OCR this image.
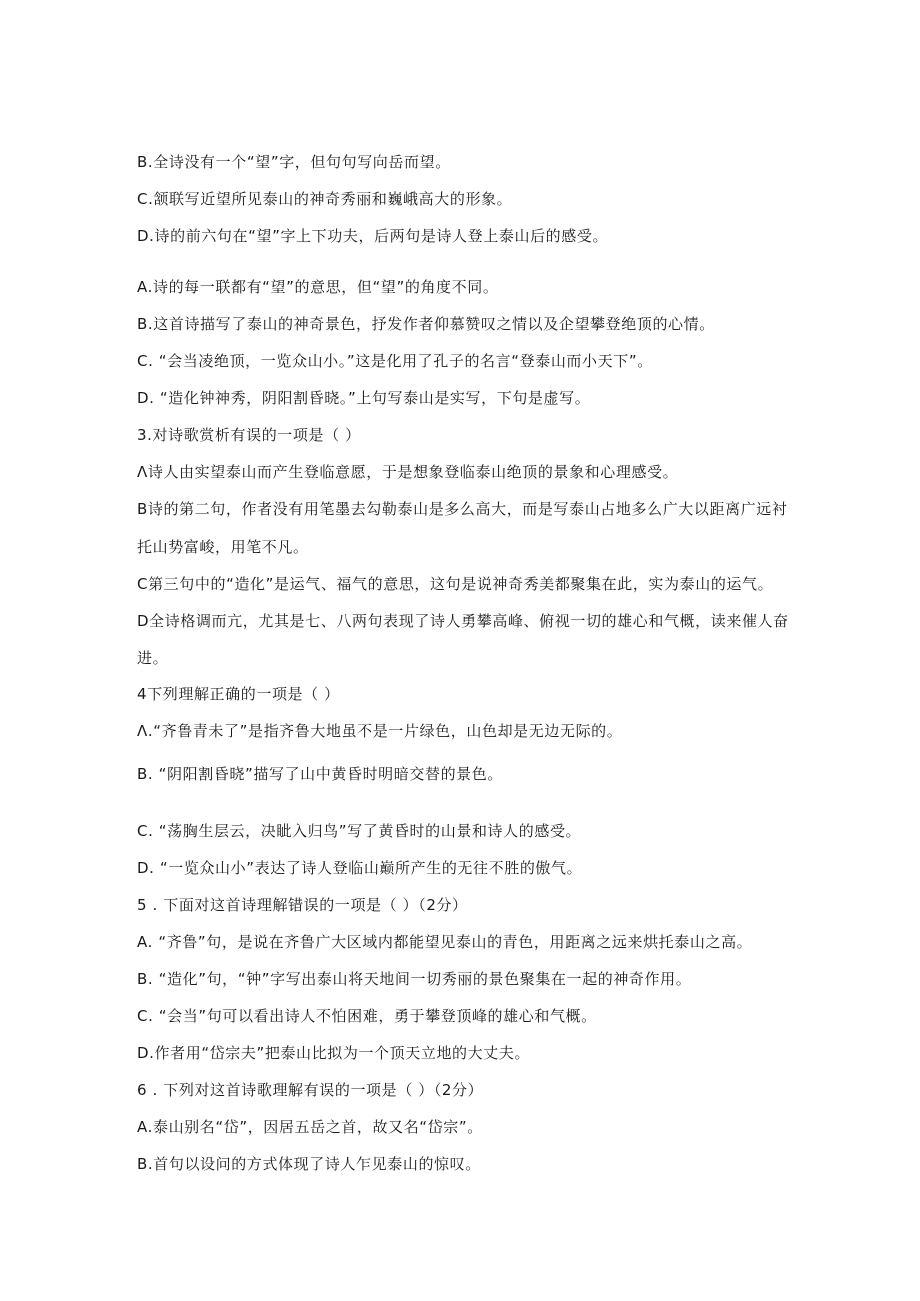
B.全诗没有一个“望”字，但句句写向岳而望。
C.颔联写近望所见泰山的神奇秀丽和巍峨高大的形象。
D.诗的前六句在“望”字上下功夫，后两句是诗人登上泰山后的感受。
A.诗的每一联都有“望”的意思，但“望”的角度不同。
B.这首诗描写了泰山的神奇景色，抒发作者仰慕赞叹之情以及企望攀登绝顶的心情。
C. “会当凌绝顶，一览众山小。”这是化用了孔子的名言“登泰山而小天下”。
D. “造化钟神秀，阴阳割昏晓。”上句写泰山是实写，下句是虚写。
3.对诗歌赏析有误的一项是（ ）
Λ诗人由实望泰山而产生登临意愿，于是想象登临泰山绝顶的景象和心理感受。
B诗的第二句，作者没有用笔墨去勾勒泰山是多么高大，而是写泰山占地多么广大以距离广远衬
托山势富峻，用笔不凡。
C第三句中的“造化”是运气、福气的意思，这句是说神奇秀美都聚集在此，实为泰山的运气。
D全诗格调而亢，尤其是七、八两句表现了诗人勇攀高峰、俯视一切的雄心和气概，读来催人奋
进。
4下列理解正确的一项是（ ）
Λ.“齐鲁青未了”是指齐鲁大地虽不是一片绿色，山色却是无边无际的。
B. “阴阳割昏晓”描写了山中黄昏时明暗交替的景色。
C. “荡胸生层云，决眦入归鸟”写了黄昏时的山景和诗人的感受。
D. “一览众山小”表达了诗人登临山巅所产生的无往不胜的傲气。
5 . 下面对这首诗理解错误的一项是（ ）（2分）
A. “齐鲁”句，是说在齐鲁广大区域内都能望见泰山的青色，用距离之远来烘托泰山之高。
B. “造化”句，“钟”字写出泰山将天地间一切秀丽的景色聚集在一起的神奇作用。
C. “会当”句可以看出诗人不怕困难，勇于攀登顶峰的雄心和气概。
D.作者用“岱宗夫”把泰山比拟为一个顶天立地的大丈夫。
6 . 下列对这首诗歌理解有误的一项是（ ）（2分）
A.泰山别名“岱”，因居五岳之首，故又名“岱宗”。
B.首句以设问的方式体现了诗人乍见泰山的惊叹。
